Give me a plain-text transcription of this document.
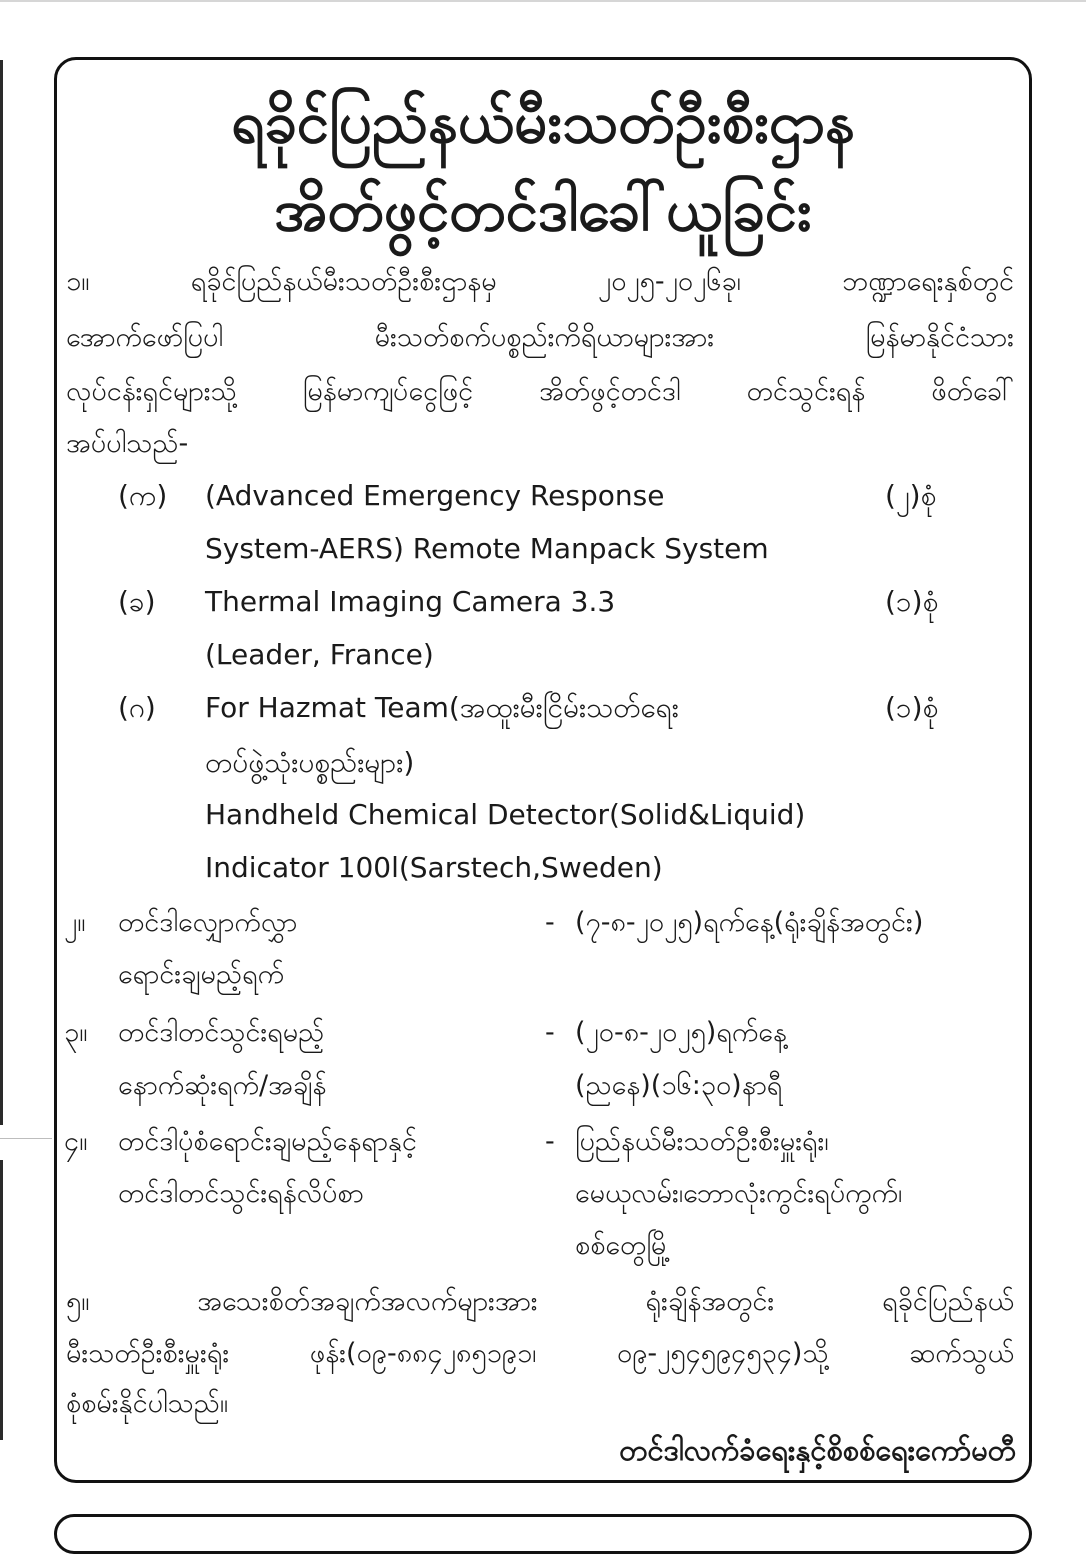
ရခိုင်ပြည်နယ်မီးသတ်ဦးစီးဌာန
အိတ်ဖွင့်တင်ဒါခေါ်ယူခြင်း
၁။	ရခိုင်ပြည်နယ်မီးသတ်ဦးစီးဌာနမှ ၂၀၂၅-၂၀၂၆ခု၊ ဘဏ္ဍာရေးနှစ်တွင်
အောက်ဖော်ပြပါ မီးသတ်စက်ပစ္စည်းကိရိယာများအား မြန်မာနိုင်ငံသား
လုပ်ငန်းရှင်များသို့ မြန်မာကျပ်ငွေဖြင့် အိတ်ဖွင့်တင်ဒါ တင်သွင်းရန် ဖိတ်ခေါ်
အပ်ပါသည်-
(က) (Advanced Emergency Response
System-AERS) Remote Manpack System
(၂)စုံ
(ခ) Thermal Imaging Camera 3.3
(Leader, France)
(၁)စုံ
(ဂ) For Hazmat Team(အထူးမီးငြိမ်းသတ်ရေး
တပ်ဖွဲ့သုံးပစ္စည်းများ)
Handheld Chemical Detector(Solid&Liquid)
Indicator 100l(Sarstech,Sweden)
(၁)စုံ
၂။ တင်ဒါလျှောက်လွှာ
ရောင်းချမည့်ရက်
- (၇-၈-၂၀၂၅)ရက်နေ့(ရုံးချိန်အတွင်း)
၃။ တင်ဒါတင်သွင်းရမည့်
နောက်ဆုံးရက်/အချိန်
- (၂၀-၈-၂၀၂၅)ရက်နေ့
(ညနေ)(၁၆:၃၀)နာရီ
၄။ တင်ဒါပုံစံရောင်းချမည့်နေရာနှင့်
တင်ဒါတင်သွင်းရန်လိပ်စာ
- ပြည်နယ်မီးသတ်ဦးစီးမှူးရုံး၊
မေယုလမ်း၊ဘောလုံးကွင်းရပ်ကွက်၊
စစ်တွေမြို့
၅။	အသေးစိတ်အချက်အလက်များအား ရုံးချိန်အတွင်း ရခိုင်ပြည်နယ်
မီးသတ်ဦးစီးမှူးရုံး ဖုန်း(၀၉-၈၈၄၂၈၅၁၉၁၊ ၀၉-၂၅၄၅၉၄၅၃၄)သို့ ဆက်သွယ်
စုံစမ်းနိုင်ပါသည်။
တင်ဒါလက်ခံရေးနှင့်စိစစ်ရေးကော်မတီ
